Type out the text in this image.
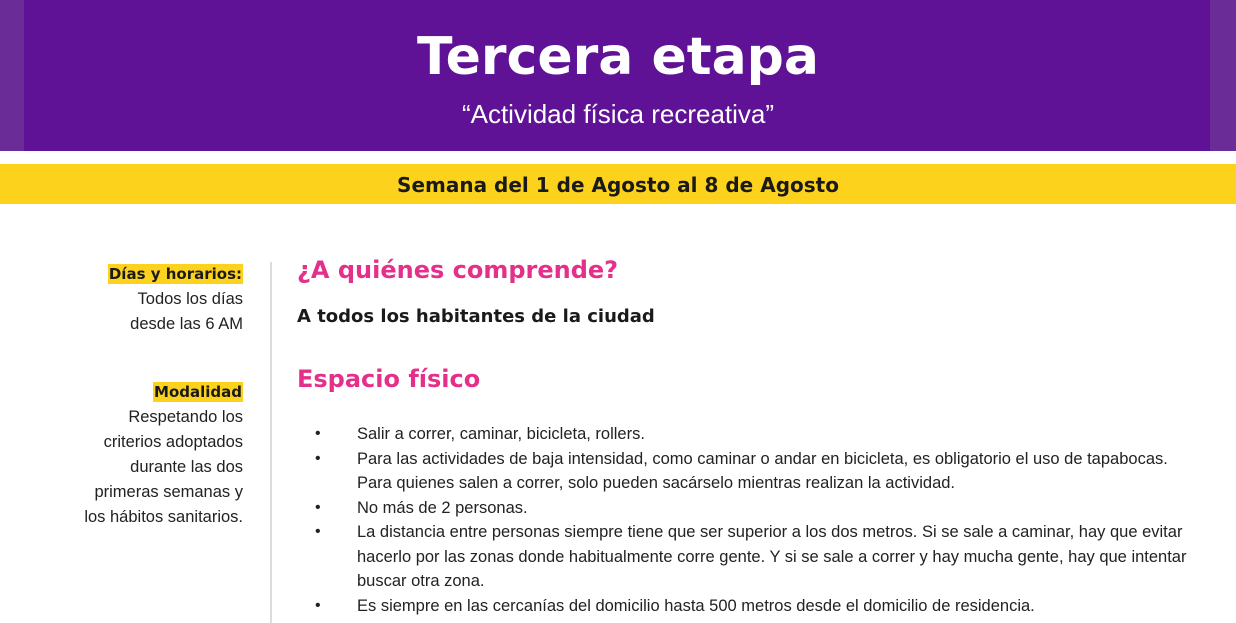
Tercera etapa
“Actividad física recreativa”
Semana del 1 de Agosto al 8 de Agosto
Días y horarios:
Todos los días
desde las 6 AM
Modalidad
Respetando los
criterios adoptados
durante las dos
primeras semanas y
los hábitos sanitarios.
¿A quiénes comprende?
A todos los habitantes de la ciudad
Espacio físico
• Salir a correr, caminar, bicicleta, rollers.
• Para las actividades de baja intensidad, como caminar o andar en bicicleta, es obligatorio el uso de tapabocas. Para quienes salen a correr, solo pueden sacárselo mientras realizan la actividad.
• No más de 2 personas.
• La distancia entre personas siempre tiene que ser superior a los dos metros. Si se sale a caminar, hay que evitar hacerlo por las zonas donde habitualmente corre gente. Y si se sale a correr y hay mucha gente, hay que intentar buscar otra zona.
• Es siempre en las cercanías del domicilio hasta 500 metros desde el domicilio de residencia.
